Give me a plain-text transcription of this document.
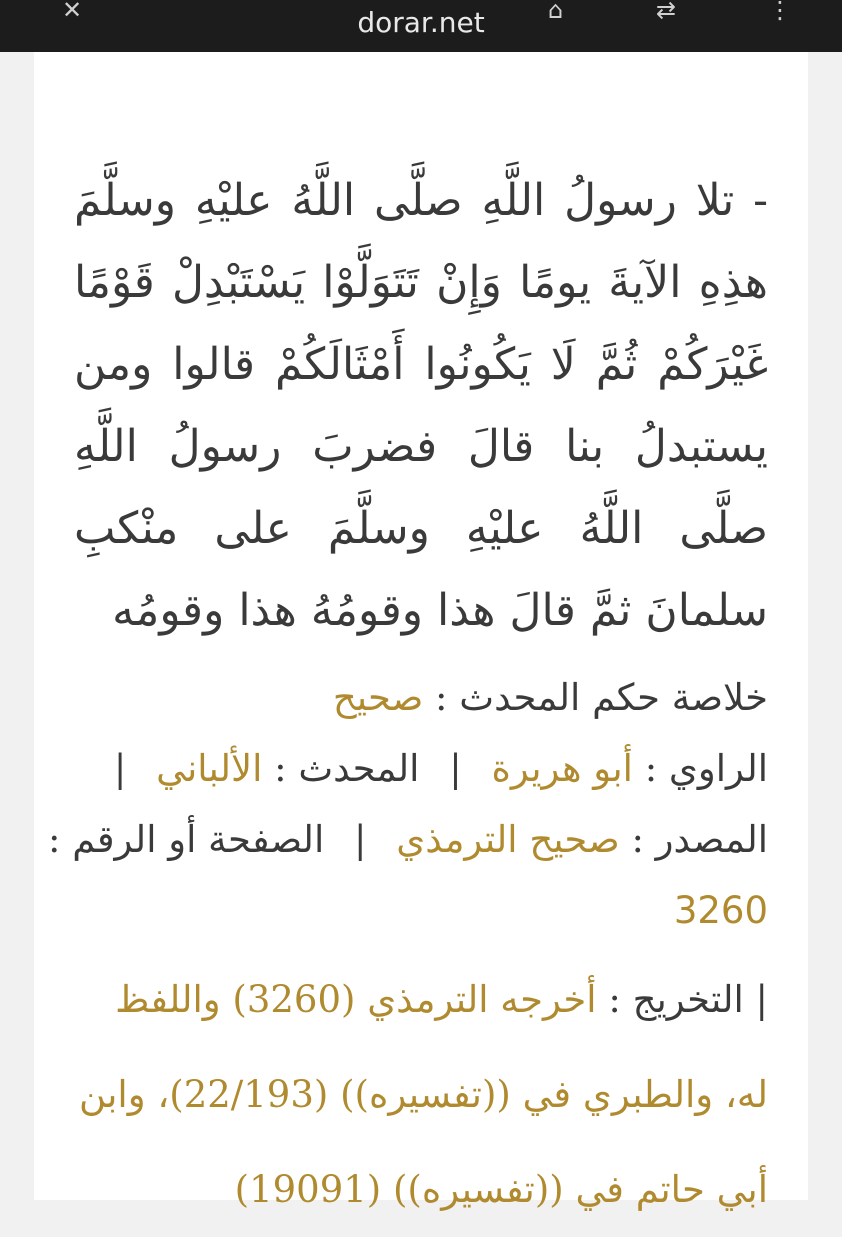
✕	dorar.net	⌂	⇄	⋮

- تلا رسولُ اللَّهِ صلَّى اللَّهُ عليْهِ وسلَّمَ هذِهِ الآيةَ يومًا وَإِنْ تَتَوَلَّوْا يَسْتَبْدِلْ قَوْمًا غَيْرَكُمْ ثُمَّ لَا يَكُونُوا أَمْثَالَكُمْ قالوا ومن يستبدلُ بنا قالَ فضربَ رسولُ اللَّهِ صلَّى اللَّهُ عليْهِ وسلَّمَ على منْكبِ سلمانَ ثمَّ قالَ هذا وقومُهُ هذا وقومُه

خلاصة حكم المحدث : صحيح
الراوي : أبو هريرة | المحدث : الألباني |
المصدر : صحيح الترمذي | الصفحة أو الرقم :
3260

| التخريج : أخرجه الترمذي (3260) واللفظ له، والطبري في ((تفسيره)) (22/193)، وابن أبي حاتم في ((تفسيره)) (19091)
